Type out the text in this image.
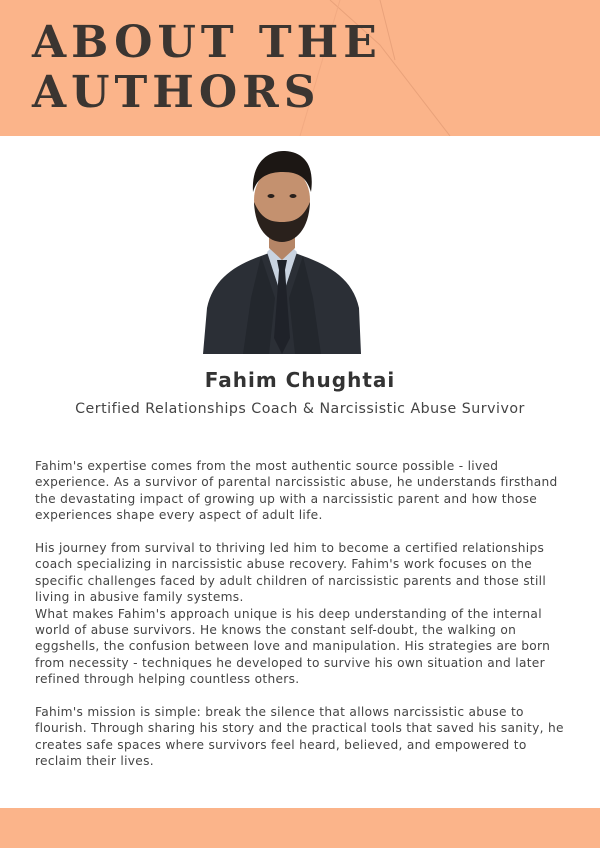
ABOUT THE
AUTHORS
Fahim Chughtai

Certified Relationships Coach & Narcissistic Abuse Survivor

Fahim's expertise comes from the most authentic source possible - lived experience. As a survivor of parental narcissistic abuse, he understands firsthand the devastating impact of growing up with a narcissistic parent and how those experiences shape every aspect of adult life.

His journey from survival to thriving led him to become a certified relationships coach specializing in narcissistic abuse recovery. Fahim's work focuses on the specific challenges faced by adult children of narcissistic parents and those still living in abusive family systems.

What makes Fahim's approach unique is his deep understanding of the internal world of abuse survivors. He knows the constant self-doubt, the walking on eggshells, the confusion between love and manipulation. His strategies are born from necessity - techniques he developed to survive his own situation and later refined through helping countless others.

Fahim's mission is simple: break the silence that allows narcissistic abuse to flourish. Through sharing his story and the practical tools that saved his sanity, he creates safe spaces where survivors feel heard, believed, and empowered to reclaim their lives.
